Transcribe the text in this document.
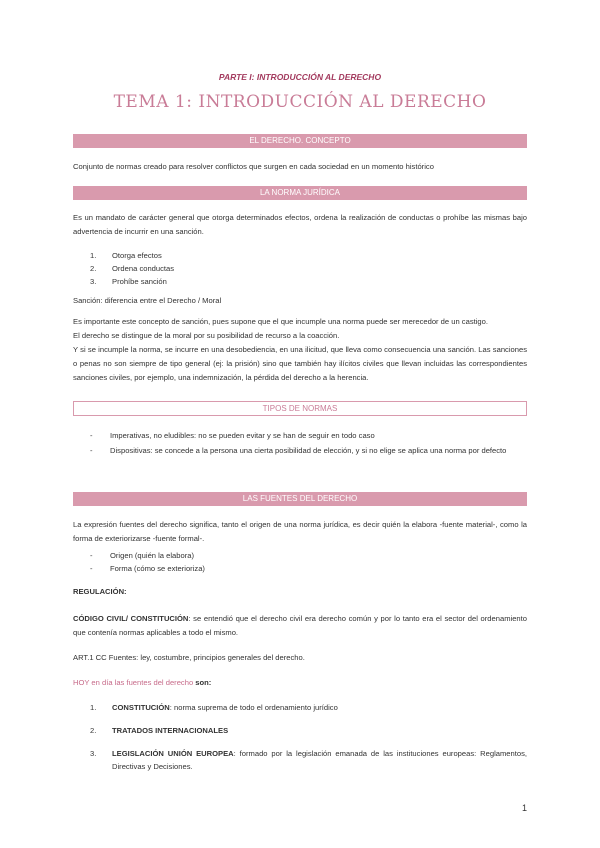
PARTE I: INTRODUCCIÓN AL DERECHO
TEMA 1: INTRODUCCIÓN AL DERECHO
EL DERECHO. CONCEPTO
Conjunto de normas creado para resolver conflictos que surgen en cada sociedad en un momento histórico
LA NORMA JURÍDICA
Es un mandato de carácter general que otorga determinados efectos, ordena la realización de conductas o prohíbe las mismas bajo advertencia de incurrir en una sanción.
1. Otorga efectos
2. Ordena conductas
3. Prohíbe sanción
Sanción: diferencia entre el Derecho / Moral
Es importante este concepto de sanción, pues supone que el que incumple una norma puede ser merecedor de un castigo.
El derecho se distingue de la moral por su posibilidad de recurso a la coacción.
Y si se incumple la norma, se incurre en una desobediencia, en una ilicitud, que lleva como consecuencia una sanción. Las sanciones o penas no son siempre de tipo general (ej: la prisión) sino que también hay ilícitos civiles que llevan incluidas las correspondientes sanciones civiles, por ejemplo, una indemnización, la pérdida del derecho a la herencia.
TIPOS DE NORMAS
-	Imperativas, no eludibles: no se pueden evitar y se han de seguir en todo caso
-	Dispositivas: se concede a la persona una cierta posibilidad de elección, y si no elige se aplica una norma por defecto
LAS FUENTES DEL DERECHO
La expresión fuentes del derecho significa, tanto el origen de una norma jurídica, es decir quién la elabora -fuente material-, como la forma de exteriorizarse -fuente formal-.
- Origen (quién la elabora)
- Forma (cómo se exterioriza)
REGULACIÓN:
CÓDIGO CIVIL/ CONSTITUCIÓN: se entendió que el derecho civil era derecho común y por lo tanto era el sector del ordenamiento que contenía normas aplicables a todo el mismo.
ART.1 CC Fuentes: ley, costumbre, principios generales del derecho.
HOY en día las fuentes del derecho son:
1.	CONSTITUCIÓN: norma suprema de todo el ordenamiento jurídico
2.	TRATADOS INTERNACIONALES
3.	LEGISLACIÓN UNIÓN EUROPEA: formado por la legislación emanada de las instituciones europeas: Reglamentos, Directivas y Decisiones.
1
